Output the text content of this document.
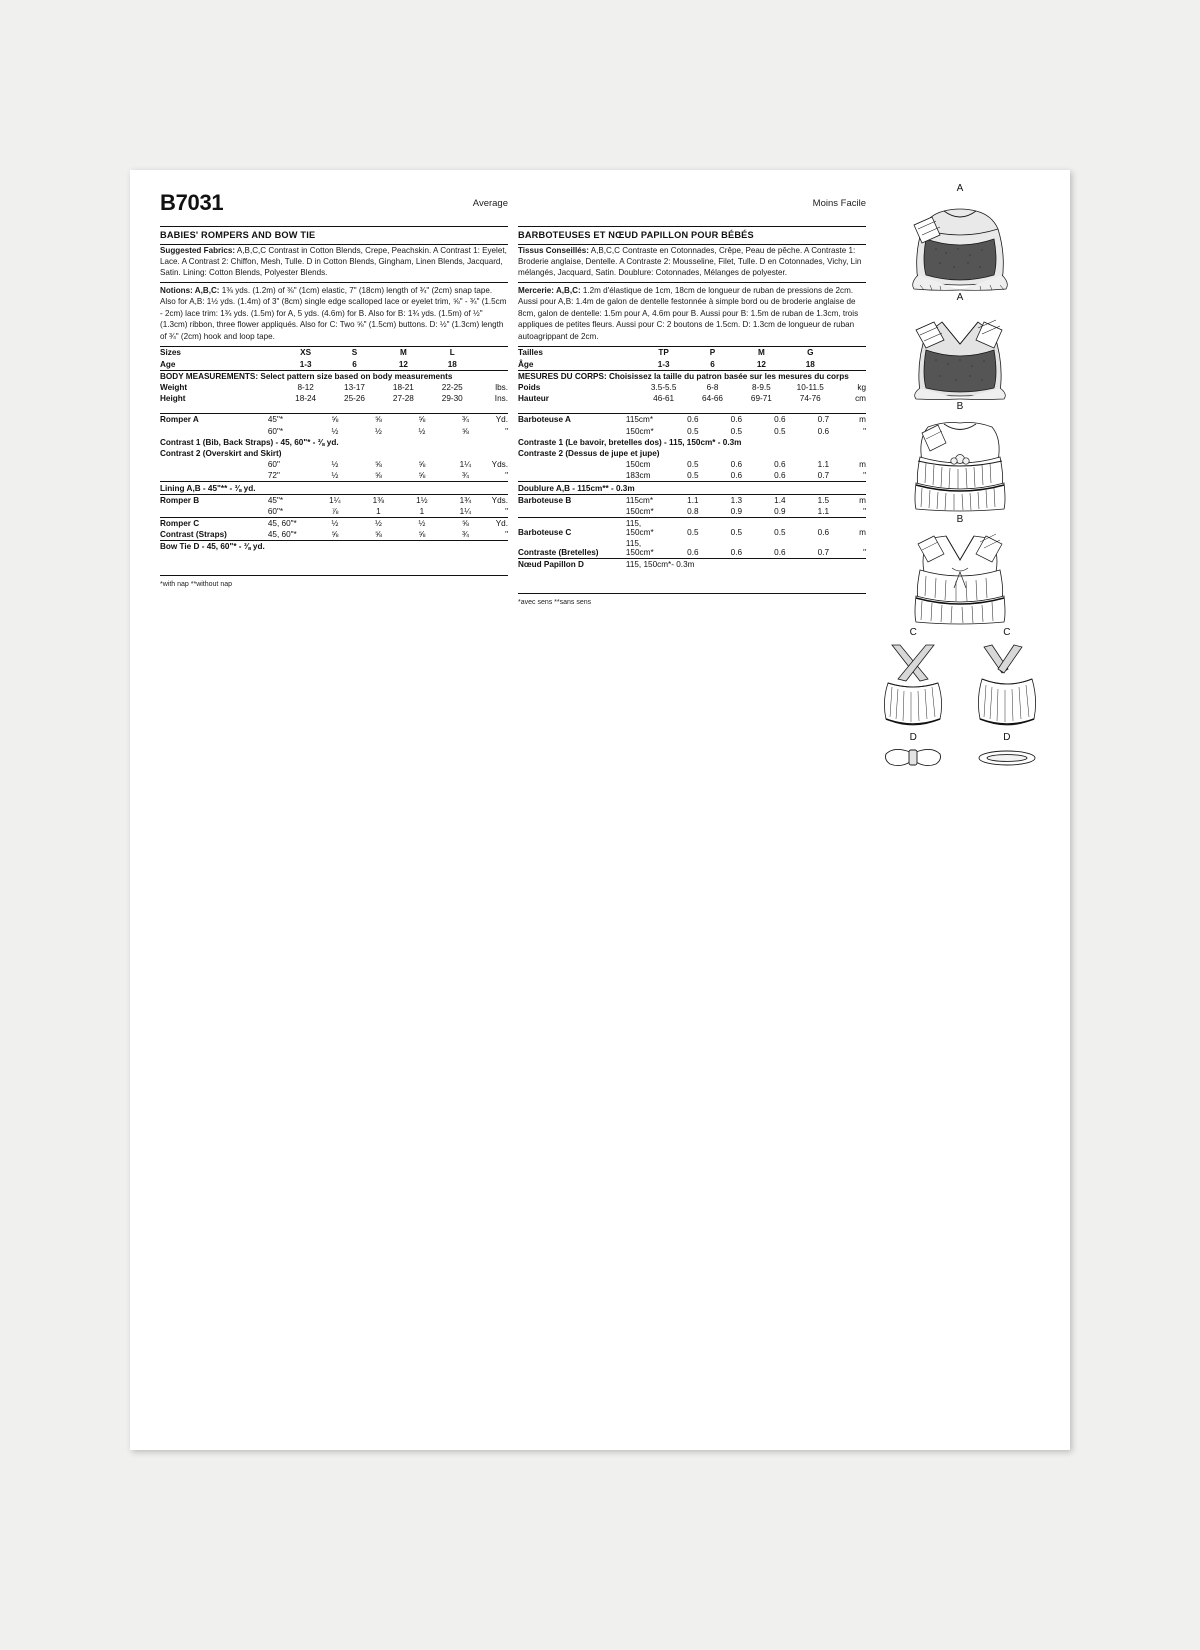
B7031	Average
BABIES' ROMPERS AND BOW TIE

Suggested Fabrics: A,B,C,C Contrast in Cotton Blends, Crepe, Peachskin. A Contrast 1: Eyelet, Lace. A Contrast 2: Chiffon, Mesh, Tulle. D in Cotton Blends, Gingham, Linen Blends, Jacquard, Satin. Lining: Cotton Blends, Polyester Blends.

Notions: A,B,C: 1⅜ yds. (1.2m) of ⅜" (1cm) elastic, 7" (18cm) length of ¾" (2cm) snap tape. Also for A,B: 1½ yds. (1.4m) of 3" (8cm) single edge scalloped lace or eyelet trim, ⅝" - ¾" (1.5cm - 2cm) lace trim: 1¾ yds. (1.5m) for A, 5 yds. (4.6m) for B. Also for B: 1¾ yds. (1.5m) of ½" (1.3cm) ribbon, three flower appliqués. Also for C: Two ⅝" (1.5cm) buttons. D: ½" (1.3cm) length of ¾" (2cm) hook and loop tape.

Sizes	XS	S	M	L	
Age	1-3	6	12	18	
BODY MEASUREMENTS: Select pattern size based on body measurements					
Weight	8-12	13-17	18-21	22-25	lbs.
Height	18-24	25-26	27-28	29-30	Ins.
Romper A	45"*	⅝	⅝	⅝	¾	Yd.
	60"*	½	½	½	⅝	"
Contrast 1 (Bib, Back Straps) - 45, 60"* - ⅜ yd.						
Contrast 2 (Overskirt and Skirt)						
	60"	½	⅝	⅝	1¼	Yds.
	72"	½	⅝	⅝	¾	"
Lining A,B - 45"** - ⅜ yd.						
Romper B	45"*	1¼	1⅜	1½	1¾	Yds.
	60"*	⅞	1	1	1¼	"
Romper C	45, 60"*	½	½	½	⅝	Yd.
Contrast (Straps)	45, 60"*	⅝	⅝	⅝	¾	"
Bow Tie D - 45, 60"* - ⅜ yd.						
*with nap **without nap
Moins Facile
BARBOTEUSES ET NŒUD PAPILLON POUR BÉBÉS

Tissus Conseillés: A,B,C,C Contraste en Cotonnades, Crêpe, Peau de pêche. A Contraste 1: Broderie anglaise, Dentelle. A Contraste 2: Mousseline, Filet, Tulle. D en Cotonnades, Vichy, Lin mélangés, Jacquard, Satin. Doublure: Cotonnades, Mélanges de polyester.

Mercerie: A,B,C: 1.2m d'élastique de 1cm, 18cm de longueur de ruban de pressions de 2cm. Aussi pour A,B: 1.4m de galon de dentelle festonnée à simple bord ou de broderie anglaise de 8cm, galon de dentelle: 1.5m pour A, 4.6m pour B. Aussi pour B: 1.5m de ruban de 1.3cm, trois appliques de petites fleurs. Aussi pour C: 2 boutons de 1.5cm. D: 1.3cm de longueur de ruban autoagrippant de 2cm.

Tailles	TP	P	M	G	
Âge	1-3	6	12	18	
MESURES DU CORPS: Choisissez la taille du patron basée sur les mesures du corps					
Poids	3.5-5.5	6-8	8-9.5	10-11.5	kg
Hauteur	46-61	64-66	69-71	74-76	cm
Barboteuse A	115cm*	0.6	0.6	0.6	0.7	m
	150cm*	0.5	0.5	0.5	0.6	"
Contraste 1 (Le bavoir, bretelles dos) - 115, 150cm* - 0.3m						
Contraste 2 (Dessus de jupe et jupe)						
	150cm	0.5	0.6	0.6	1.1	m
	183cm	0.5	0.6	0.6	0.7	"
Doublure A,B - 115cm** - 0.3m						
Barboteuse B	115cm*	1.1	1.3	1.4	1.5	m
	150cm*	0.8	0.9	0.9	1.1	"
Barboteuse C	115, 150cm*	0.5	0.5	0.5	0.6	m
Contraste (Bretelles)	115, 150cm*	0.6	0.6	0.6	0.7	"
Nœud Papillon D	115, 150cm*- 0.3m					
*avec sens **sans sens
A
A
B
B
C	C
D	D
